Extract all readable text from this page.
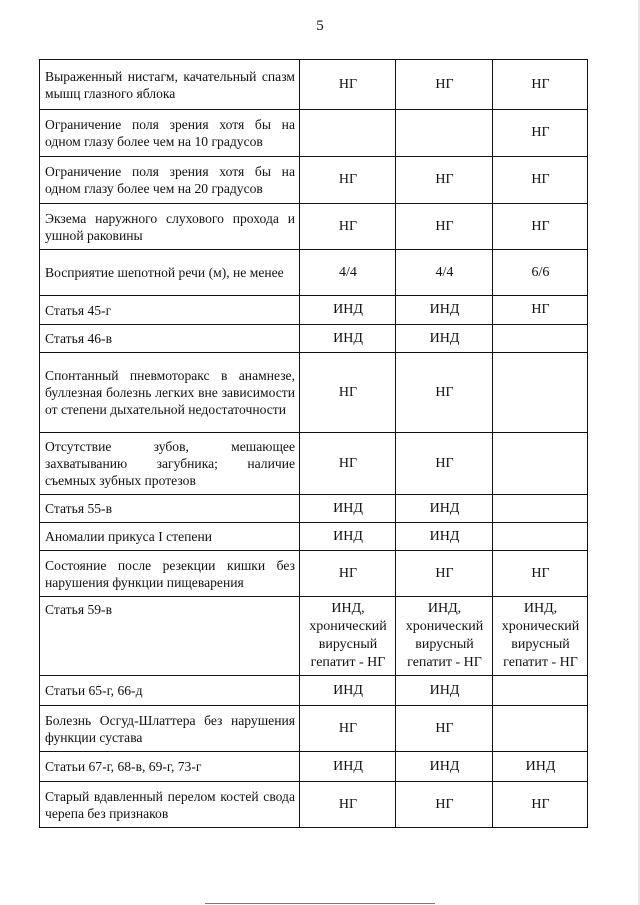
5
Выраженный нистагм, качательный спазм мышц глазного яблока	НГ	НГ	НГ
Ограничение поля зрения хотя бы на одном глазу более чем на 10 градусов			НГ
Ограничение поля зрения хотя бы на одном глазу более чем на 20 градусов	НГ	НГ	НГ
Экзема наружного слухового прохода и ушной раковины	НГ	НГ	НГ
Восприятие шепотной речи (м), не менее	4/4	4/4	6/6
Статья 45-г	ИНД	ИНД	НГ
Статья 46-в	ИНД	ИНД	
Спонтанный пневмоторакс в анамнезе, буллезная болезнь легких вне зависимости от степени дыхательной недостаточности	НГ	НГ	
Отсутствие зубов, мешающее захватыванию загубника; наличие съемных зубных протезов	НГ	НГ	
Статья 55-в	ИНД	ИНД	
Аномалии прикуса I степени	ИНД	ИНД	
Состояние после резекции кишки без нарушения функции пищеварения	НГ	НГ	НГ
Статья 59-в	ИНД, хронический вирусный гепатит - НГ	ИНД, хронический вирусный гепатит - НГ	ИНД, хронический вирусный гепатит - НГ
Статьи 65-г, 66-д	ИНД	ИНД	
Болезнь Осгуд-Шлаттера без нарушения функции сустава	НГ	НГ	
Статьи 67-г, 68-в, 69-г, 73-г	ИНД	ИНД	ИНД
Старый вдавленный перелом костей свода черепа без признаков	НГ	НГ	НГ
